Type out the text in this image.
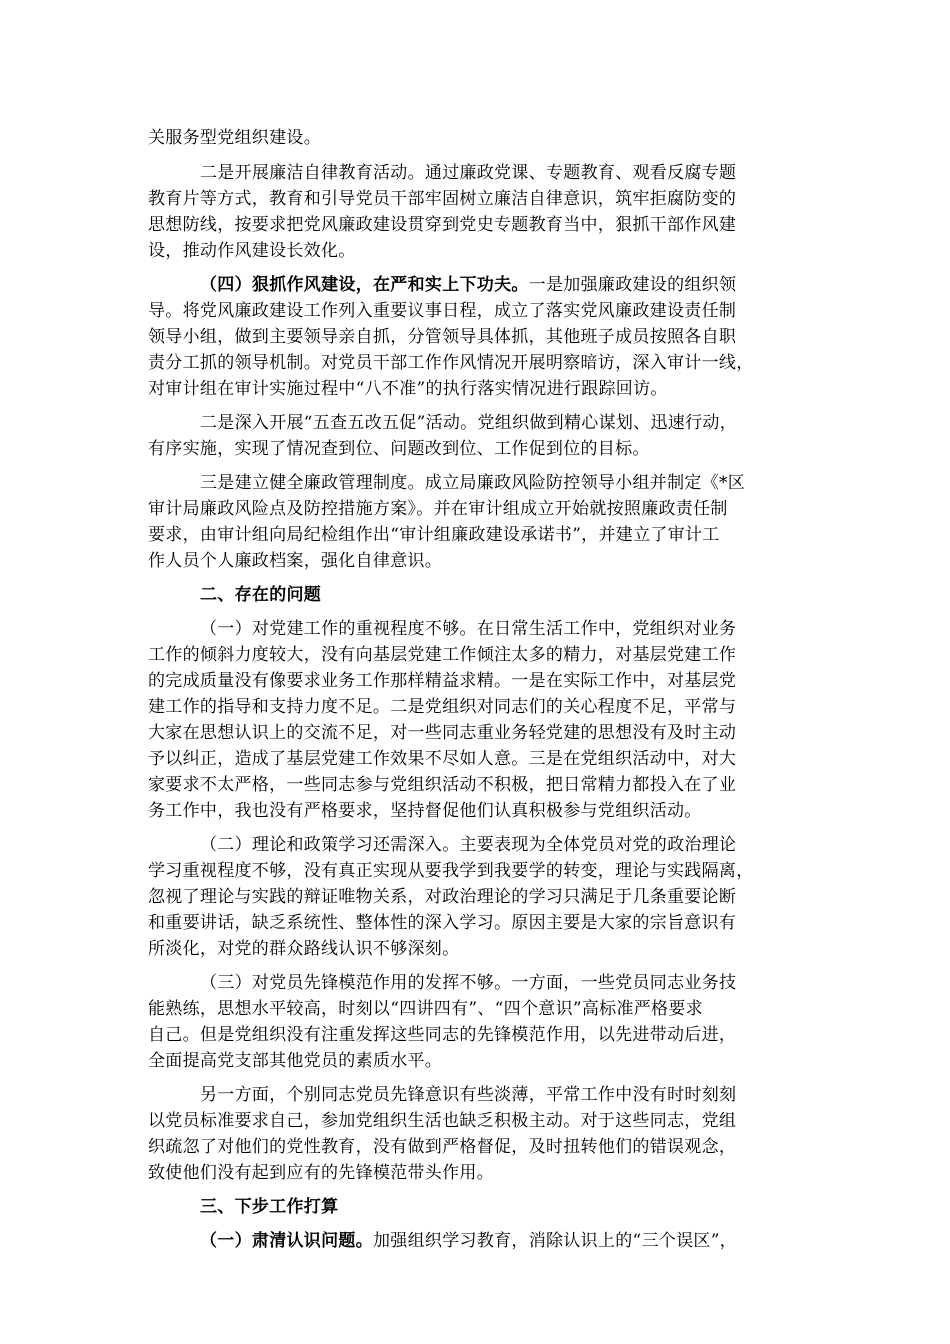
关服务型党组织建设。
二是开展廉洁自律教育活动。通过廉政党课、专题教育、观看反腐专题
教育片等方式，教育和引导党员干部牢固树立廉洁自律意识，筑牢拒腐防变的
思想防线，按要求把党风廉政建设贯穿到党史专题教育当中，狠抓干部作风建
设，推动作风建设长效化。
（四）狠抓作风建设，在严和实上下功夫。一是加强廉政建设的组织领
导。将党风廉政建设工作列入重要议事日程，成立了落实党风廉政建设责任制
领导小组，做到主要领导亲自抓，分管领导具体抓，其他班子成员按照各自职
责分工抓的领导机制。对党员干部工作作风情况开展明察暗访，深入审计一线，
对审计组在审计实施过程中“八不准”的执行落实情况进行跟踪回访。
二是深入开展“五查五改五促”活动。党组织做到精心谋划、迅速行动，
有序实施，实现了情况查到位、问题改到位、工作促到位的目标。
三是建立健全廉政管理制度。成立局廉政风险防控领导小组并制定《*区
审计局廉政风险点及防控措施方案》。并在审计组成立开始就按照廉政责任制
要求，由审计组向局纪检组作出“审计组廉政建设承诺书”，并建立了审计工
作人员个人廉政档案，强化自律意识。
二、存在的问题
（一）对党建工作的重视程度不够。在日常生活工作中，党组织对业务
工作的倾斜力度较大，没有向基层党建工作倾注太多的精力，对基层党建工作
的完成质量没有像要求业务工作那样精益求精。一是在实际工作中，对基层党
建工作的指导和支持力度不足。二是党组织对同志们的关心程度不足，平常与
大家在思想认识上的交流不足，对一些同志重业务轻党建的思想没有及时主动
予以纠正，造成了基层党建工作效果不尽如人意。三是在党组织活动中，对大
家要求不太严格，一些同志参与党组织活动不积极，把日常精力都投入在了业
务工作中，我也没有严格要求，坚持督促他们认真积极参与党组织活动。
（二）理论和政策学习还需深入。主要表现为全体党员对党的政治理论
学习重视程度不够，没有真正实现从要我学到我要学的转变，理论与实践隔离，
忽视了理论与实践的辩证唯物关系，对政治理论的学习只满足于几条重要论断
和重要讲话，缺乏系统性、整体性的深入学习。原因主要是大家的宗旨意识有
所淡化，对党的群众路线认识不够深刻。
（三）对党员先锋模范作用的发挥不够。一方面，一些党员同志业务技
能熟练，思想水平较高，时刻以“四讲四有”、“四个意识”高标准严格要求
自己。但是党组织没有注重发挥这些同志的先锋模范作用，以先进带动后进，
全面提高党支部其他党员的素质水平。
另一方面，个别同志党员先锋意识有些淡薄，平常工作中没有时时刻刻
以党员标准要求自己，参加党组织生活也缺乏积极主动。对于这些同志，党组
织疏忽了对他们的党性教育，没有做到严格督促，及时扭转他们的错误观念，
致使他们没有起到应有的先锋模范带头作用。
三、下步工作打算
（一）肃清认识问题。加强组织学习教育，消除认识上的“三个误区”，
